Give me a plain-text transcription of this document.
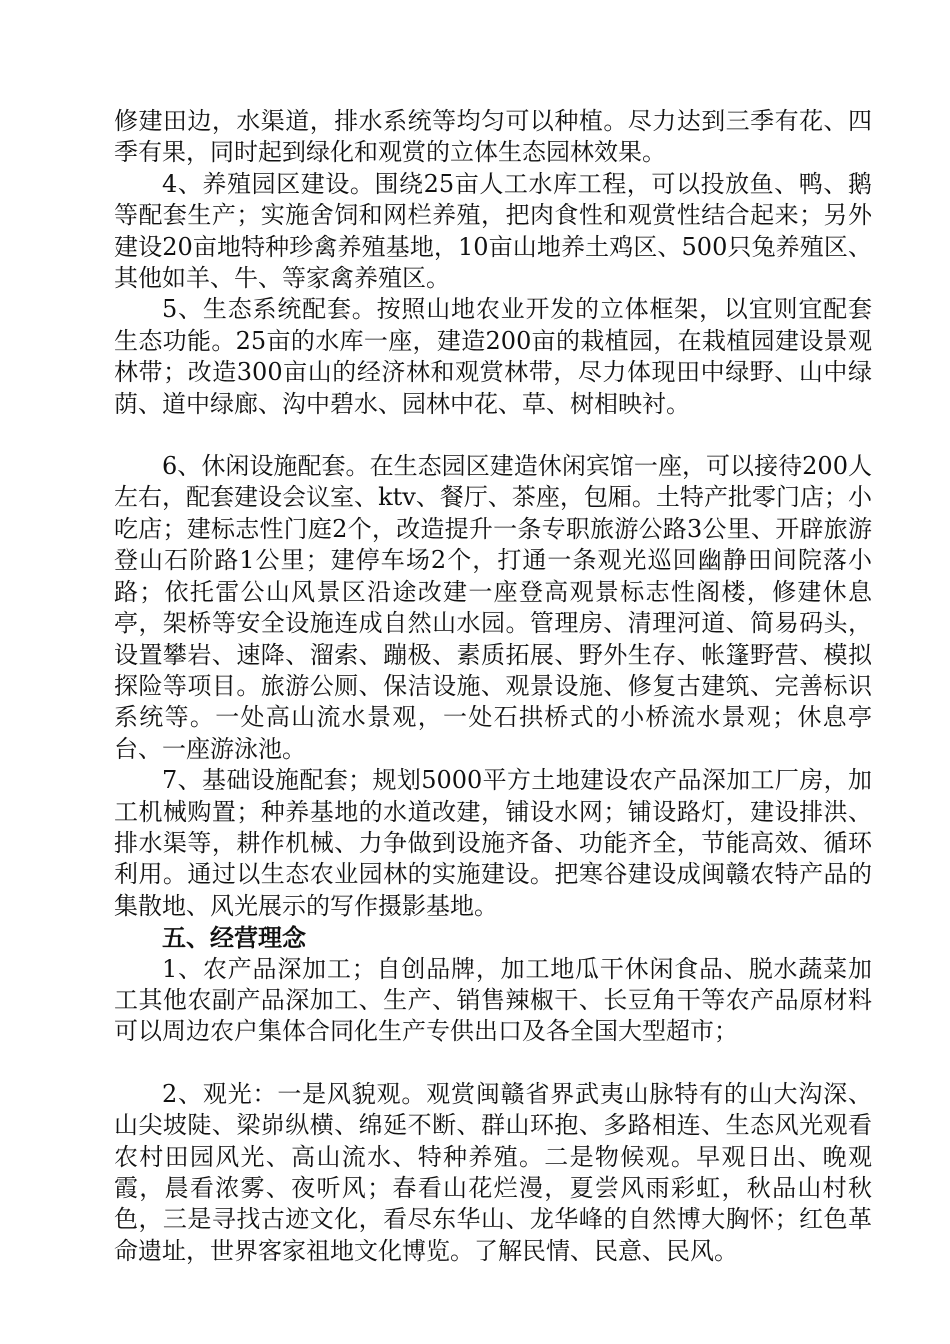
修建田边，水渠道，排水系统等均匀可以种植。尽力达到三季有花、四季有果，同时起到绿化和观赏的立体生态园林效果。

4、养殖园区建设。围绕25亩人工水库工程，可以投放鱼、鸭、鹅等配套生产；实施舍饲和网栏养殖，把肉食性和观赏性结合起来；另外建设20亩地特种珍禽养殖基地，10亩山地养土鸡区、500只兔养殖区、其他如羊、牛、等家禽养殖区。

5、生态系统配套。按照山地农业开发的立体框架，以宜则宜配套生态功能。25亩的水库一座，建造200亩的栽植园，在栽植园建设景观林带；改造300亩山的经济林和观赏林带，尽力体现田中绿野、山中绿荫、道中绿廊、沟中碧水、园林中花、草、树相映衬。

6、休闲设施配套。在生态园区建造休闲宾馆一座，可以接待200人左右，配套建设会议室、ktv、餐厅、茶座，包厢。土特产批零门店；小吃店；建标志性门庭2个，改造提升一条专职旅游公路3公里、开辟旅游登山石阶路1公里；建停车场2个，打通一条观光巡回幽静田间院落小路；依托雷公山风景区沿途改建一座登高观景标志性阁楼，修建休息亭，架桥等安全设施连成自然山水园。管理房、清理河道、简易码头，设置攀岩、速降、溜索、蹦极、素质拓展、野外生存、帐篷野营、模拟探险等项目。旅游公厕、保洁设施、观景设施、修复古建筑、完善标识系统等。一处高山流水景观，一处石拱桥式的小桥流水景观；休息亭台、一座游泳池。

7、基础设施配套；规划5000平方土地建设农产品深加工厂房，加工机械购置；种养基地的水道改建，铺设水网；铺设路灯，建设排洪、排水渠等，耕作机械、力争做到设施齐备、功能齐全，节能高效、循环利用。通过以生态农业园林的实施建设。把寒谷建设成闽赣农特产品的集散地、风光展示的写作摄影基地。

五、经营理念

1、农产品深加工；自创品牌，加工地瓜干休闲食品、脱水蔬菜加工其他农副产品深加工、生产、销售辣椒干、长豆角干等农产品原材料可以周边农户集体合同化生产专供出口及各全国大型超市；

2、观光：一是风貌观。观赏闽赣省界武夷山脉特有的山大沟深、山尖坡陡、梁峁纵横、绵延不断、群山环抱、多路相连、生态风光观看农村田园风光、高山流水、特种养殖。二是物候观。早观日出、晚观霞，晨看浓雾、夜听风；春看山花烂漫，夏尝风雨彩虹，秋品山村秋色，三是寻找古迹文化，看尽东华山、龙华峰的自然博大胸怀；红色革命遗址，世界客家祖地文化博览。了解民情、民意、民风。
